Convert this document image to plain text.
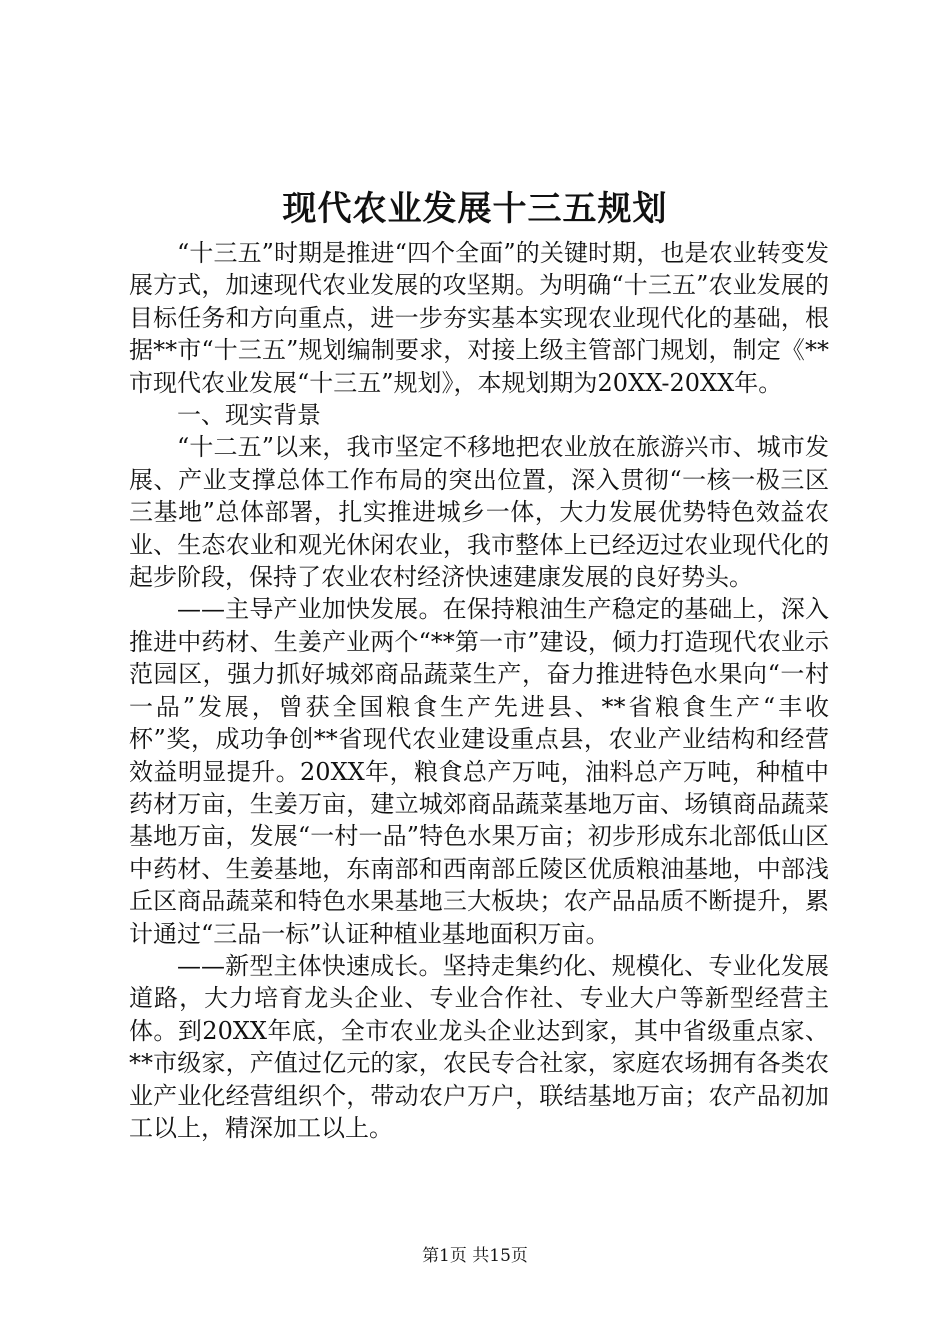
现代农业发展十三五规划

“十三五”时期是推进“四个全面”的关键时期，也是农业转变发展方式，加速现代农业发展的攻坚期。为明确“十三五”农业发展的目标任务和方向重点，进一步夯实基本实现农业现代化的基础，根据**市“十三五”规划编制要求，对接上级主管部门规划，制定《**市现代农业发展“十三五”规划》，本规划期为20XX-20XX年。

一、现实背景

“十二五”以来，我市坚定不移地把农业放在旅游兴市、城市发展、产业支撑总体工作布局的突出位置，深入贯彻“一核一极三区三基地”总体部署，扎实推进城乡一体，大力发展优势特色效益农业、生态农业和观光休闲农业，我市整体上已经迈过农业现代化的起步阶段，保持了农业农村经济快速建康发展的良好势头。

——主导产业加快发展。在保持粮油生产稳定的基础上，深入推进中药材、生姜产业两个“**第一市”建设，倾力打造现代农业示范园区，强力抓好城郊商品蔬菜生产，奋力推进特色水果向“一村一品”发展，曾获全国粮食生产先进县、**省粮食生产“丰收杯”奖，成功争创**省现代农业建设重点县，农业产业结构和经营效益明显提升。20XX年，粮食总产万吨，油料总产万吨，种植中药材万亩，生姜万亩，建立城郊商品蔬菜基地万亩、场镇商品蔬菜基地万亩，发展“一村一品”特色水果万亩；初步形成东北部低山区中药材、生姜基地，东南部和西南部丘陵区优质粮油基地，中部浅丘区商品蔬菜和特色水果基地三大板块；农产品品质不断提升，累计通过“三品一标”认证种植业基地面积万亩。

——新型主体快速成长。坚持走集约化、规模化、专业化发展道路，大力培育龙头企业、专业合作社、专业大户等新型经营主体。到20XX年底，全市农业龙头企业达到家，其中省级重点家、**市级家，产值过亿元的家，农民专合社家，家庭农场拥有各类农业产业化经营组织个，带动农户万户，联结基地万亩；农产品初加工以上，精深加工以上。

第1页 共15页
